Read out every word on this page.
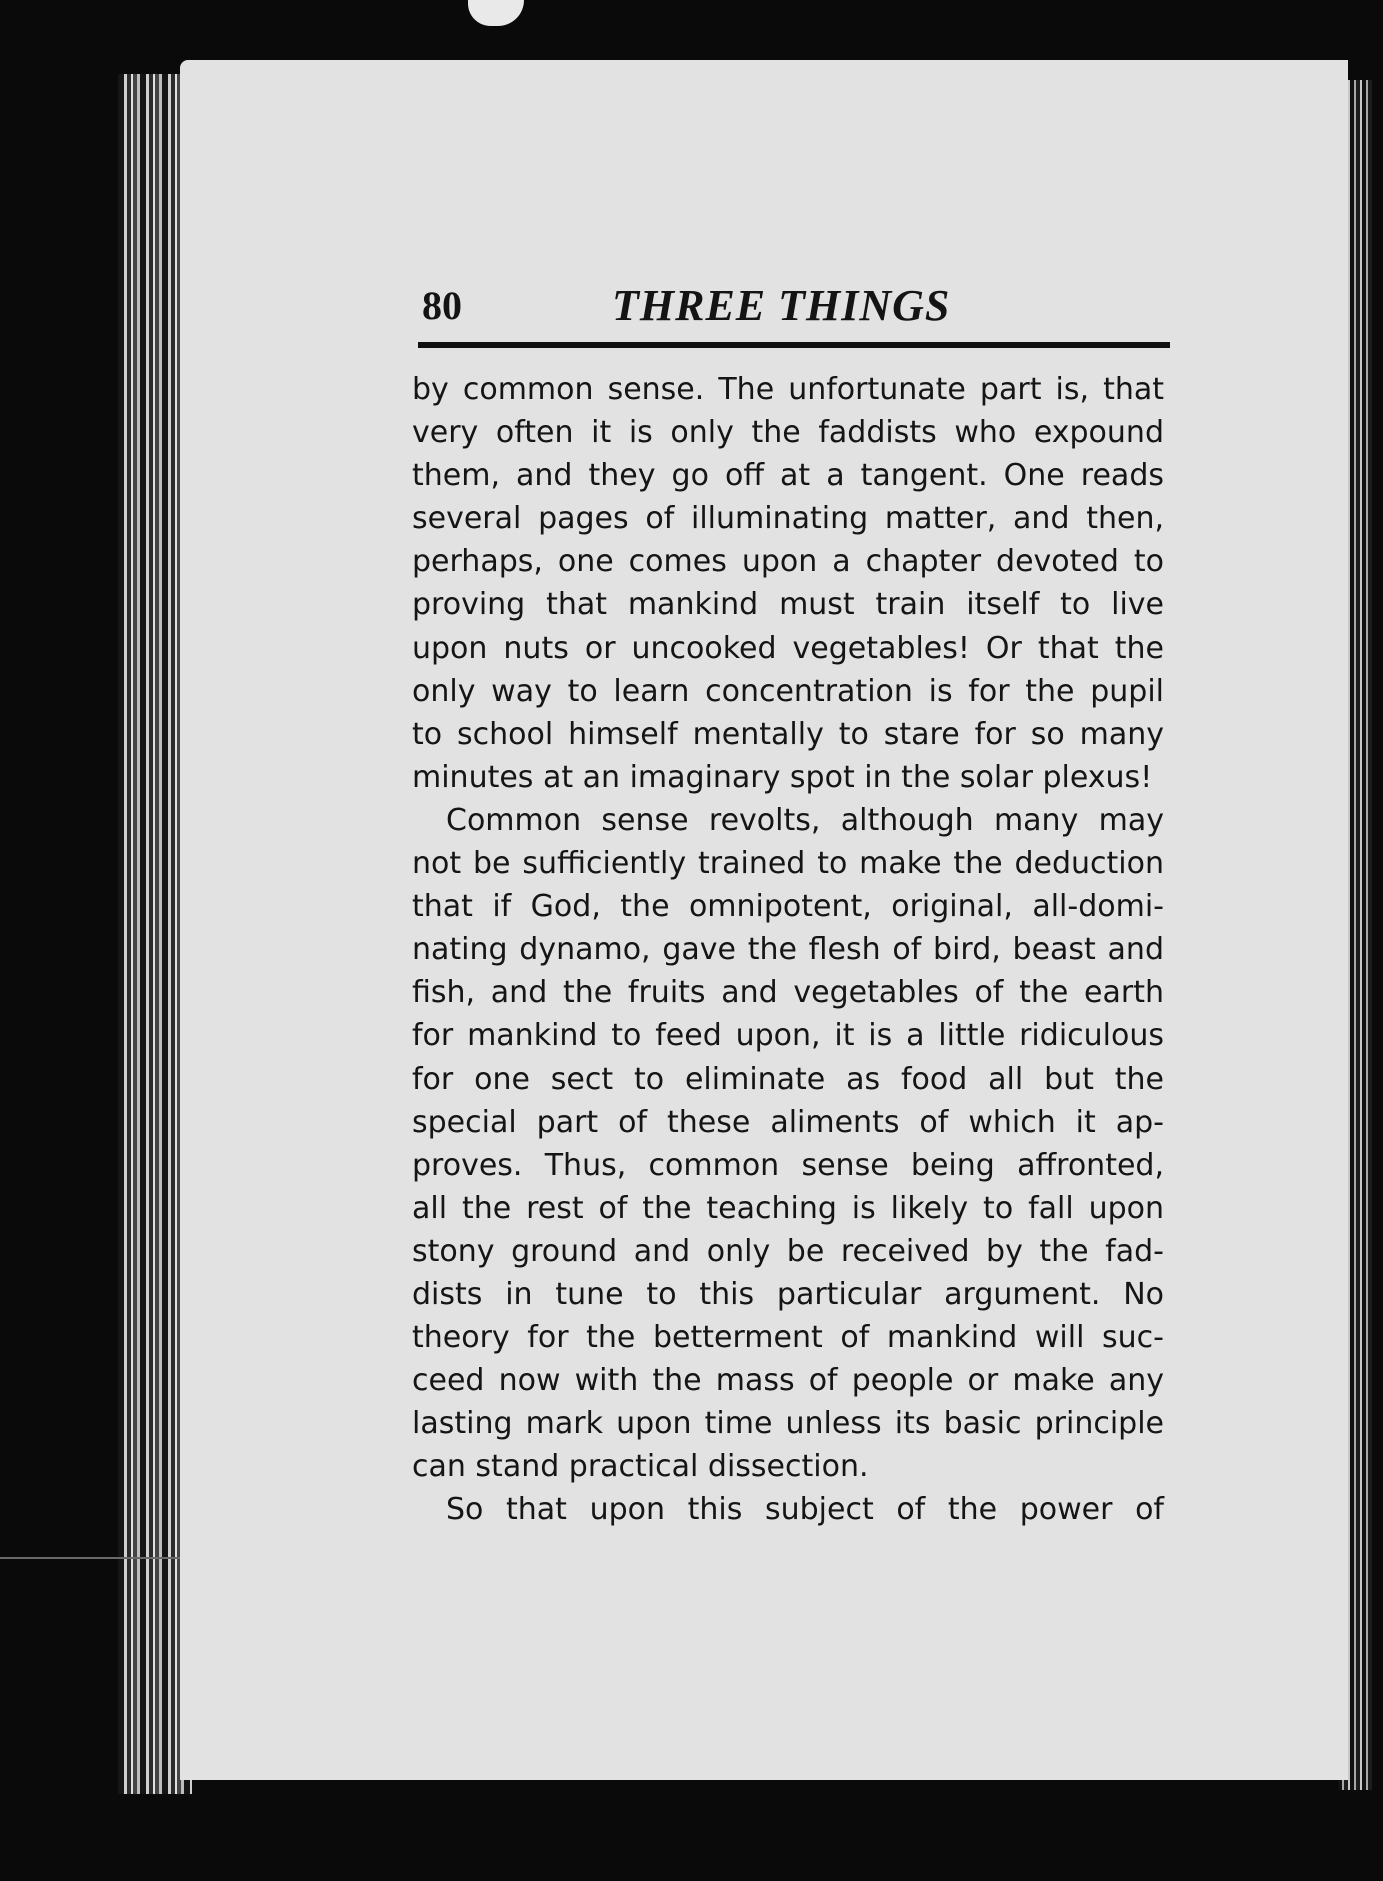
80	THREE THINGS
by common sense. The unfortunate part is, that
very often it is only the faddists who expound
them, and they go off at a tangent. One reads
several pages of illuminating matter, and then,
perhaps, one comes upon a chapter devoted to
proving that mankind must train itself to live
upon nuts or uncooked vegetables! Or that the
only way to learn concentration is for the pupil
to school himself mentally to stare for so many
minutes at an imaginary spot in the solar plexus!
Common sense revolts, although many may
not be sufficiently trained to make the deduction
that if God, the omnipotent, original, all-domi-
nating dynamo, gave the flesh of bird, beast and
fish, and the fruits and vegetables of the earth
for mankind to feed upon, it is a little ridiculous
for one sect to eliminate as food all but the
special part of these aliments of which it ap-
proves. Thus, common sense being affronted,
all the rest of the teaching is likely to fall upon
stony ground and only be received by the fad-
dists in tune to this particular argument. No
theory for the betterment of mankind will suc-
ceed now with the mass of people or make any
lasting mark upon time unless its basic principle
can stand practical dissection.
So that upon this subject of the power of
